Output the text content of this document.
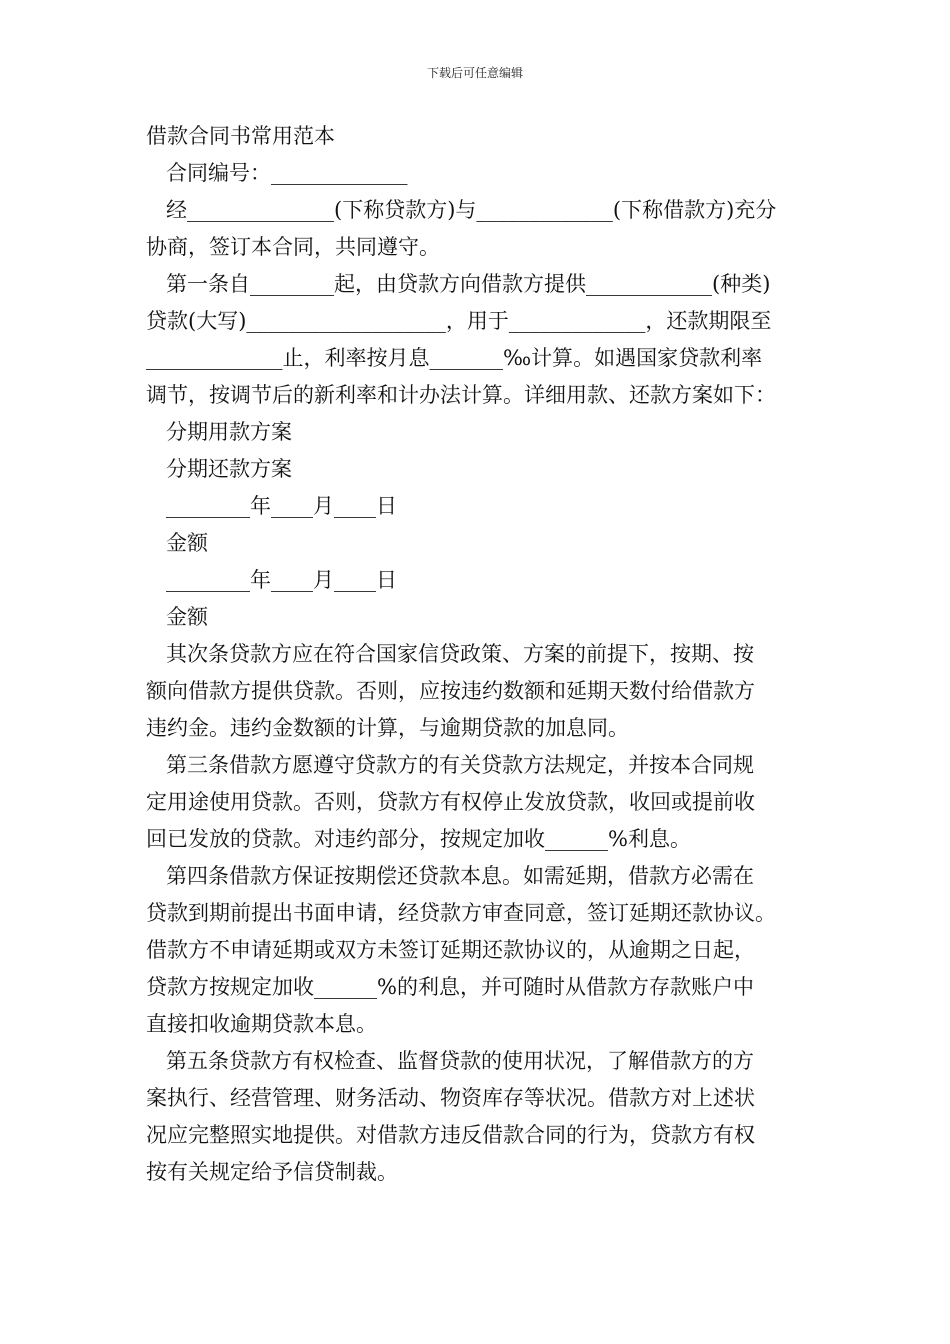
下载后可任意编辑
借款合同书常用范本
合同编号：_____________
经______________(下称贷款方)与_____________(下称借款方)充分
协商，签订本合同，共同遵守。
第一条自________起，由贷款方向借款方提供____________(种类)
贷款(大写)___________________，用于_____________，还款期限至
_____________止，利率按月息_______‰计算。如遇国家贷款利率
调节，按调节后的新利率和计办法计算。详细用款、还款方案如下：
分期用款方案
分期还款方案
________年____月____日
金额
________年____月____日
金额
其次条贷款方应在符合国家信贷政策、方案的前提下，按期、按
额向借款方提供贷款。否则，应按违约数额和延期天数付给借款方
违约金。违约金数额的计算，与逾期贷款的加息同。
第三条借款方愿遵守贷款方的有关贷款方法规定，并按本合同规
定用途使用贷款。否则，贷款方有权停止发放贷款，收回或提前收
回已发放的贷款。对违约部分，按规定加收______%利息。
第四条借款方保证按期偿还贷款本息。如需延期，借款方必需在
贷款到期前提出书面申请，经贷款方审查同意，签订延期还款协议。
借款方不申请延期或双方未签订延期还款协议的，从逾期之日起，
贷款方按规定加收______%的利息，并可随时从借款方存款账户中
直接扣收逾期贷款本息。
第五条贷款方有权检查、监督贷款的使用状况，了解借款方的方
案执行、经营管理、财务活动、物资库存等状况。借款方对上述状
况应完整照实地提供。对借款方违反借款合同的行为，贷款方有权
按有关规定给予信贷制裁。
